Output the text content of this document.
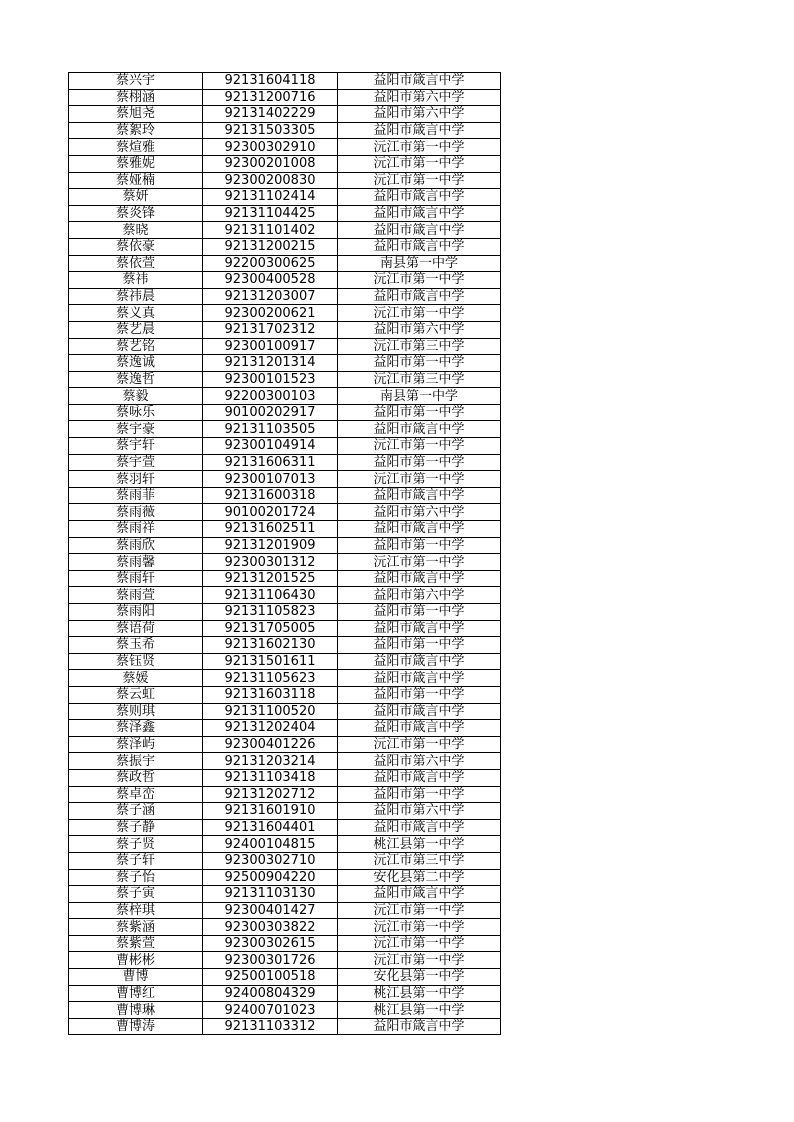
蔡兴宇	92131604118	益阳市箴言中学
蔡栩涵	92131200716	益阳市第六中学
蔡旭尧	92131402229	益阳市第六中学
蔡絮玲	92131503305	益阳市箴言中学
蔡煊雅	92300302910	沅江市第一中学
蔡雅妮	92300201008	沅江市第一中学
蔡娅楠	92300200830	沅江市第一中学
蔡妍	92131102414	益阳市箴言中学
蔡炎锋	92131104425	益阳市箴言中学
蔡晓	92131101402	益阳市箴言中学
蔡依豪	92131200215	益阳市箴言中学
蔡依萱	92200300625	南县第一中学
蔡祎	92300400528	沅江市第一中学
蔡祎晨	92131203007	益阳市箴言中学
蔡义真	92300200621	沅江市第一中学
蔡艺晨	92131702312	益阳市第六中学
蔡艺铭	92300100917	沅江市第三中学
蔡逸诚	92131201314	益阳市第一中学
蔡逸哲	92300101523	沅江市第三中学
蔡毅	92200300103	南县第一中学
蔡咏乐	90100202917	益阳市第一中学
蔡宇豪	92131103505	益阳市箴言中学
蔡宇轩	92300104914	沅江市第一中学
蔡宇萱	92131606311	益阳市第一中学
蔡羽轩	92300107013	沅江市第一中学
蔡雨菲	92131600318	益阳市箴言中学
蔡雨薇	90100201724	益阳市第六中学
蔡雨祥	92131602511	益阳市箴言中学
蔡雨欣	92131201909	益阳市第一中学
蔡雨馨	92300301312	沅江市第一中学
蔡雨轩	92131201525	益阳市箴言中学
蔡雨萱	92131106430	益阳市第六中学
蔡雨阳	92131105823	益阳市第一中学
蔡语荷	92131705005	益阳市箴言中学
蔡玉希	92131602130	益阳市第一中学
蔡钰贤	92131501611	益阳市箴言中学
蔡媛	92131105623	益阳市箴言中学
蔡云虹	92131603118	益阳市第一中学
蔡则琪	92131100520	益阳市箴言中学
蔡泽鑫	92131202404	益阳市箴言中学
蔡泽屿	92300401226	沅江市第一中学
蔡振宇	92131203214	益阳市第六中学
蔡政哲	92131103418	益阳市箴言中学
蔡卓峦	92131202712	益阳市第一中学
蔡子涵	92131601910	益阳市第六中学
蔡子静	92131604401	益阳市箴言中学
蔡子贤	92400104815	桃江县第一中学
蔡子轩	92300302710	沅江市第三中学
蔡子怡	92500904220	安化县第二中学
蔡子寅	92131103130	益阳市箴言中学
蔡梓琪	92300401427	沅江市第一中学
蔡紫涵	92300303822	沅江市第一中学
蔡紫萱	92300302615	沅江市第一中学
曹彬彬	92300301726	沅江市第一中学
曹博	92500100518	安化县第一中学
曹博红	92400804329	桃江县第一中学
曹博琳	92400701023	桃江县第一中学
曹博涛	92131103312	益阳市箴言中学
